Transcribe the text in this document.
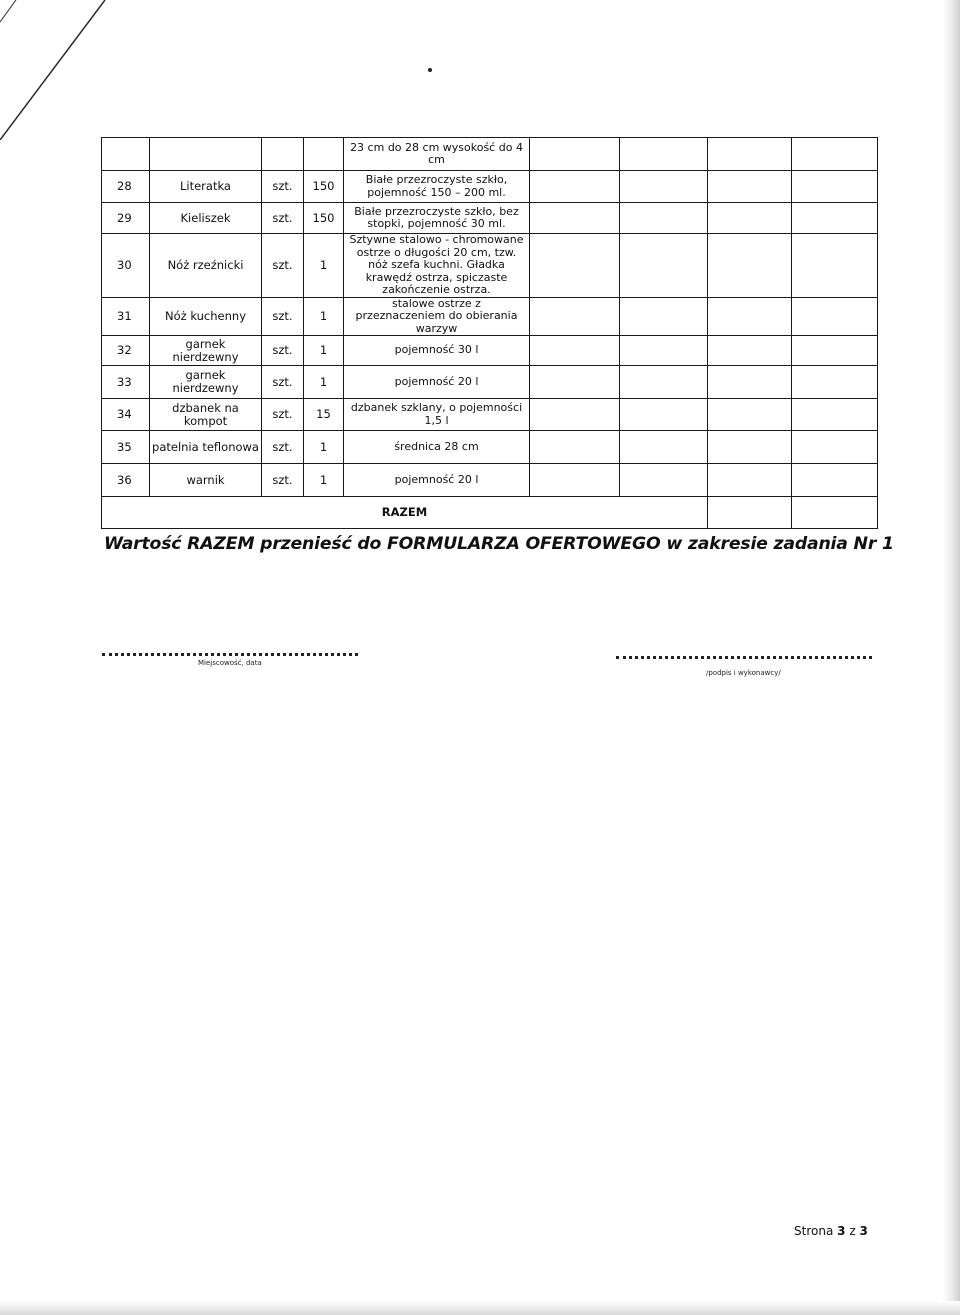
				23 cm do 28 cm wysokość do 4 cm				
28	Literatka	szt.	150	Białe przezroczyste szkło, pojemność 150 – 200 ml.				
29	Kieliszek	szt.	150	Białe przezroczyste szkło, bez stopki, pojemność 30 ml.				
30	Nóż rzeźnicki	szt.	1	Sztywne stalowo - chromowane ostrze o długości 20 cm, tzw. nóż szefa kuchni. Gładka krawędź ostrza, spiczaste zakończenie ostrza.				
31	Nóż kuchenny	szt.	1	stalowe ostrze z przeznaczeniem do obierania warzyw				
32	garnek nierdzewny	szt.	1	pojemność 30 l				
33	garnek nierdzewny	szt.	1	pojemność 20 l				
34	dzbanek na kompot	szt.	15	dzbanek szklany, o pojemności 1,5 l				
35	patelnia teflonowa	szt.	1	średnica 28 cm				
36	warnik	szt.	1	pojemność 20 l				
RAZEM								
Wartość RAZEM przenieść do FORMULARZA OFERTOWEGO w zakresie zadania Nr 1
Miejscowość, data
/podpis i wykonawcy/
Strona 3 z 3
